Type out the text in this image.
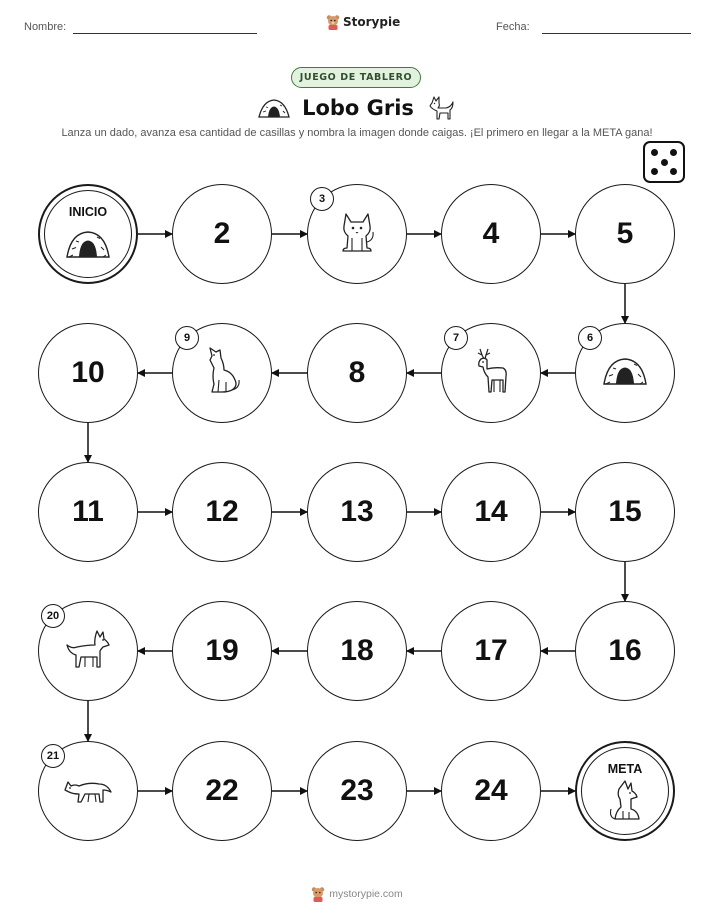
Nombre:	Storypie	Fecha:
JUEGO DE TABLERO
Lobo Gris
Lanza un dado, avanza esa cantidad de casillas y nombra la imagen donde caigas. ¡El primero en llegar a la META gana!
INICIO
2
3
4	5
6
7
8
9
10
11	12	13	14	15
16
17
18
19
20
21
22	23	24
META
mystorypie.com
